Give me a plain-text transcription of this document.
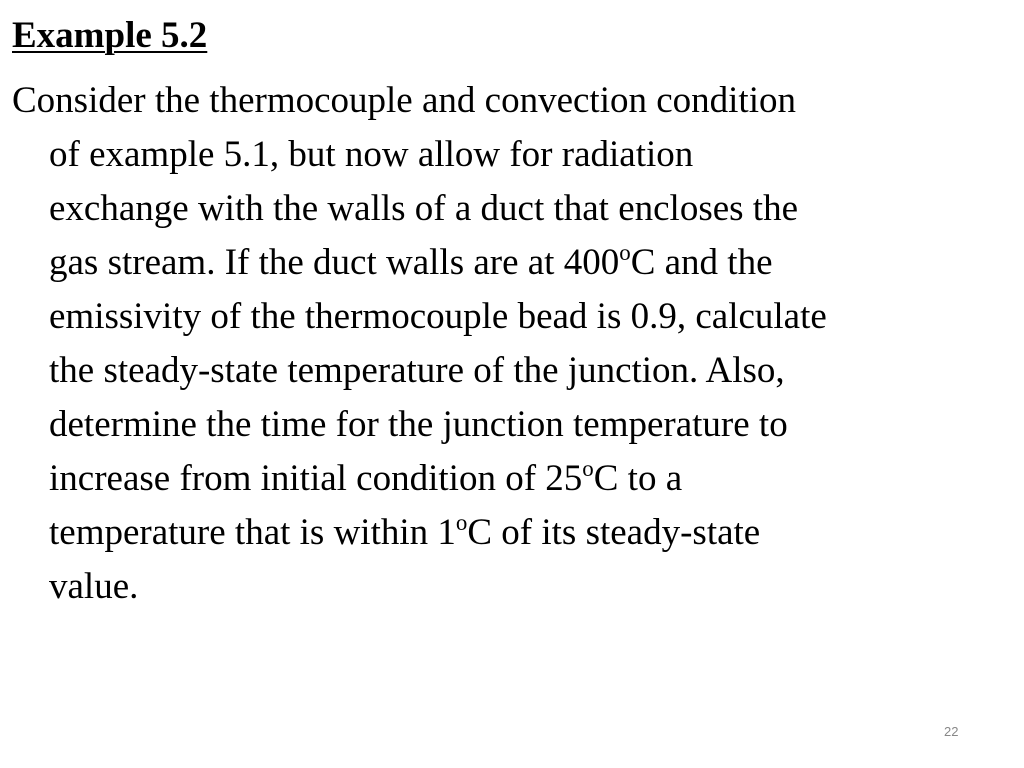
Example 5.2
Consider the thermocouple and convection condition
of example 5.1, but now allow for radiation
exchange with the walls of a duct that encloses the
gas stream. If the duct walls are at 400$^o$C and the
emissivity of the thermocouple bead is 0.9, calculate
the steady-state temperature of the junction. Also,
determine the time for the junction temperature to
increase from initial condition of 25$^o$C to a
temperature that is within 1$^o$C of its steady-state
value.
22
